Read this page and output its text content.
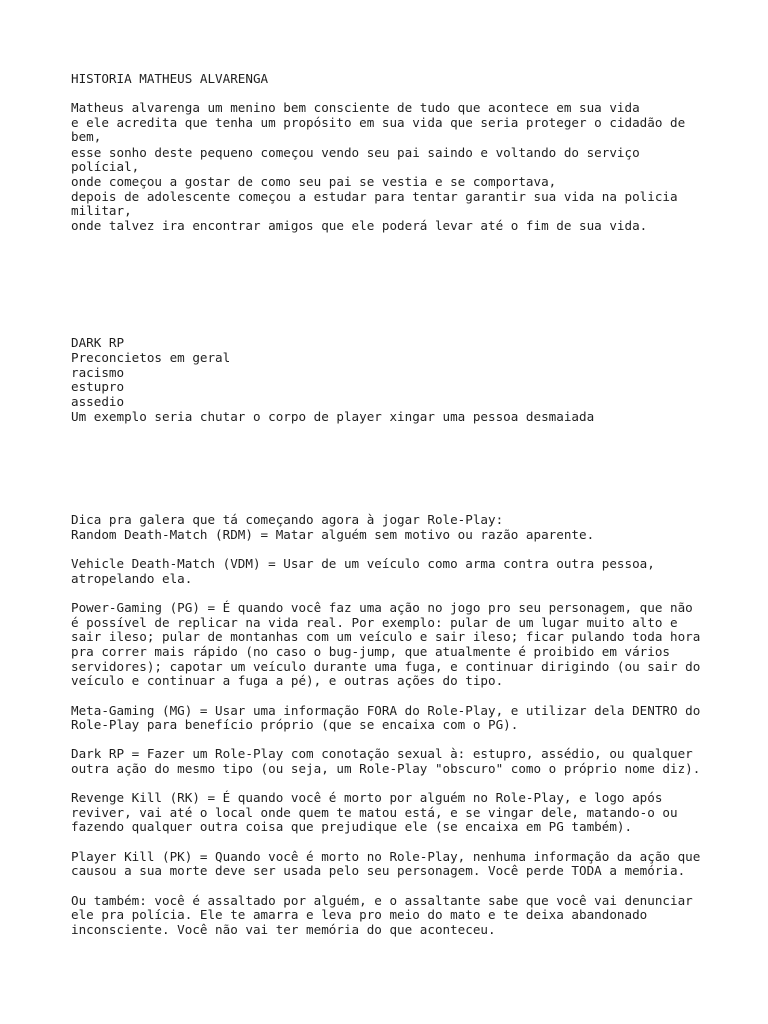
HISTORIA MATHEUS ALVARENGA

Matheus alvarenga um menino bem consciente de tudo que acontece em sua vida

e ele acredita que tenha um propósito em sua vida que seria proteger o cidadão de

bem,

esse sonho deste pequeno começou vendo seu pai saindo e voltando do serviço

polícial,

onde começou a gostar de como seu pai se vestia e se comportava,

depois de adolescente começou a estudar para tentar garantir sua vida na policia

militar,

onde talvez ira encontrar amigos que ele poderá levar até o fim de sua vida.

DARK RP

Preconcietos em geral

racismo

estupro

assedio

Um exemplo seria chutar o corpo de player xingar uma pessoa desmaiada

Dica pra galera que tá começando agora à jogar Role-Play:

Random Death-Match (RDM) = Matar alguém sem motivo ou razão aparente.

Vehicle Death-Match (VDM) = Usar de um veículo como arma contra outra pessoa,

atropelando ela.

Power-Gaming (PG) = É quando você faz uma ação no jogo pro seu personagem, que não

é possível de replicar na vida real. Por exemplo: pular de um lugar muito alto e

sair ileso; pular de montanhas com um veículo e sair ileso; ficar pulando toda hora

pra correr mais rápido (no caso o bug-jump, que atualmente é proibido em vários

servidores); capotar um veículo durante uma fuga, e continuar dirigindo (ou sair do

veículo e continuar a fuga a pé), e outras ações do tipo.

Meta-Gaming (MG) = Usar uma informação FORA do Role-Play, e utilizar dela DENTRO do

Role-Play para benefício próprio (que se encaixa com o PG).

Dark RP = Fazer um Role-Play com conotação sexual à: estupro, assédio, ou qualquer

outra ação do mesmo tipo (ou seja, um Role-Play "obscuro" como o próprio nome diz).

Revenge Kill (RK) = É quando você é morto por alguém no Role-Play, e logo após

reviver, vai até o local onde quem te matou está, e se vingar dele, matando-o ou

fazendo qualquer outra coisa que prejudique ele (se encaixa em PG também).

Player Kill (PK) = Quando você é morto no Role-Play, nenhuma informação da ação que

causou a sua morte deve ser usada pelo seu personagem. Você perde TODA a memória.

Ou também: você é assaltado por alguém, e o assaltante sabe que você vai denunciar

ele pra polícia. Ele te amarra e leva pro meio do mato e te deixa abandonado

inconsciente. Você não vai ter memória do que aconteceu.
